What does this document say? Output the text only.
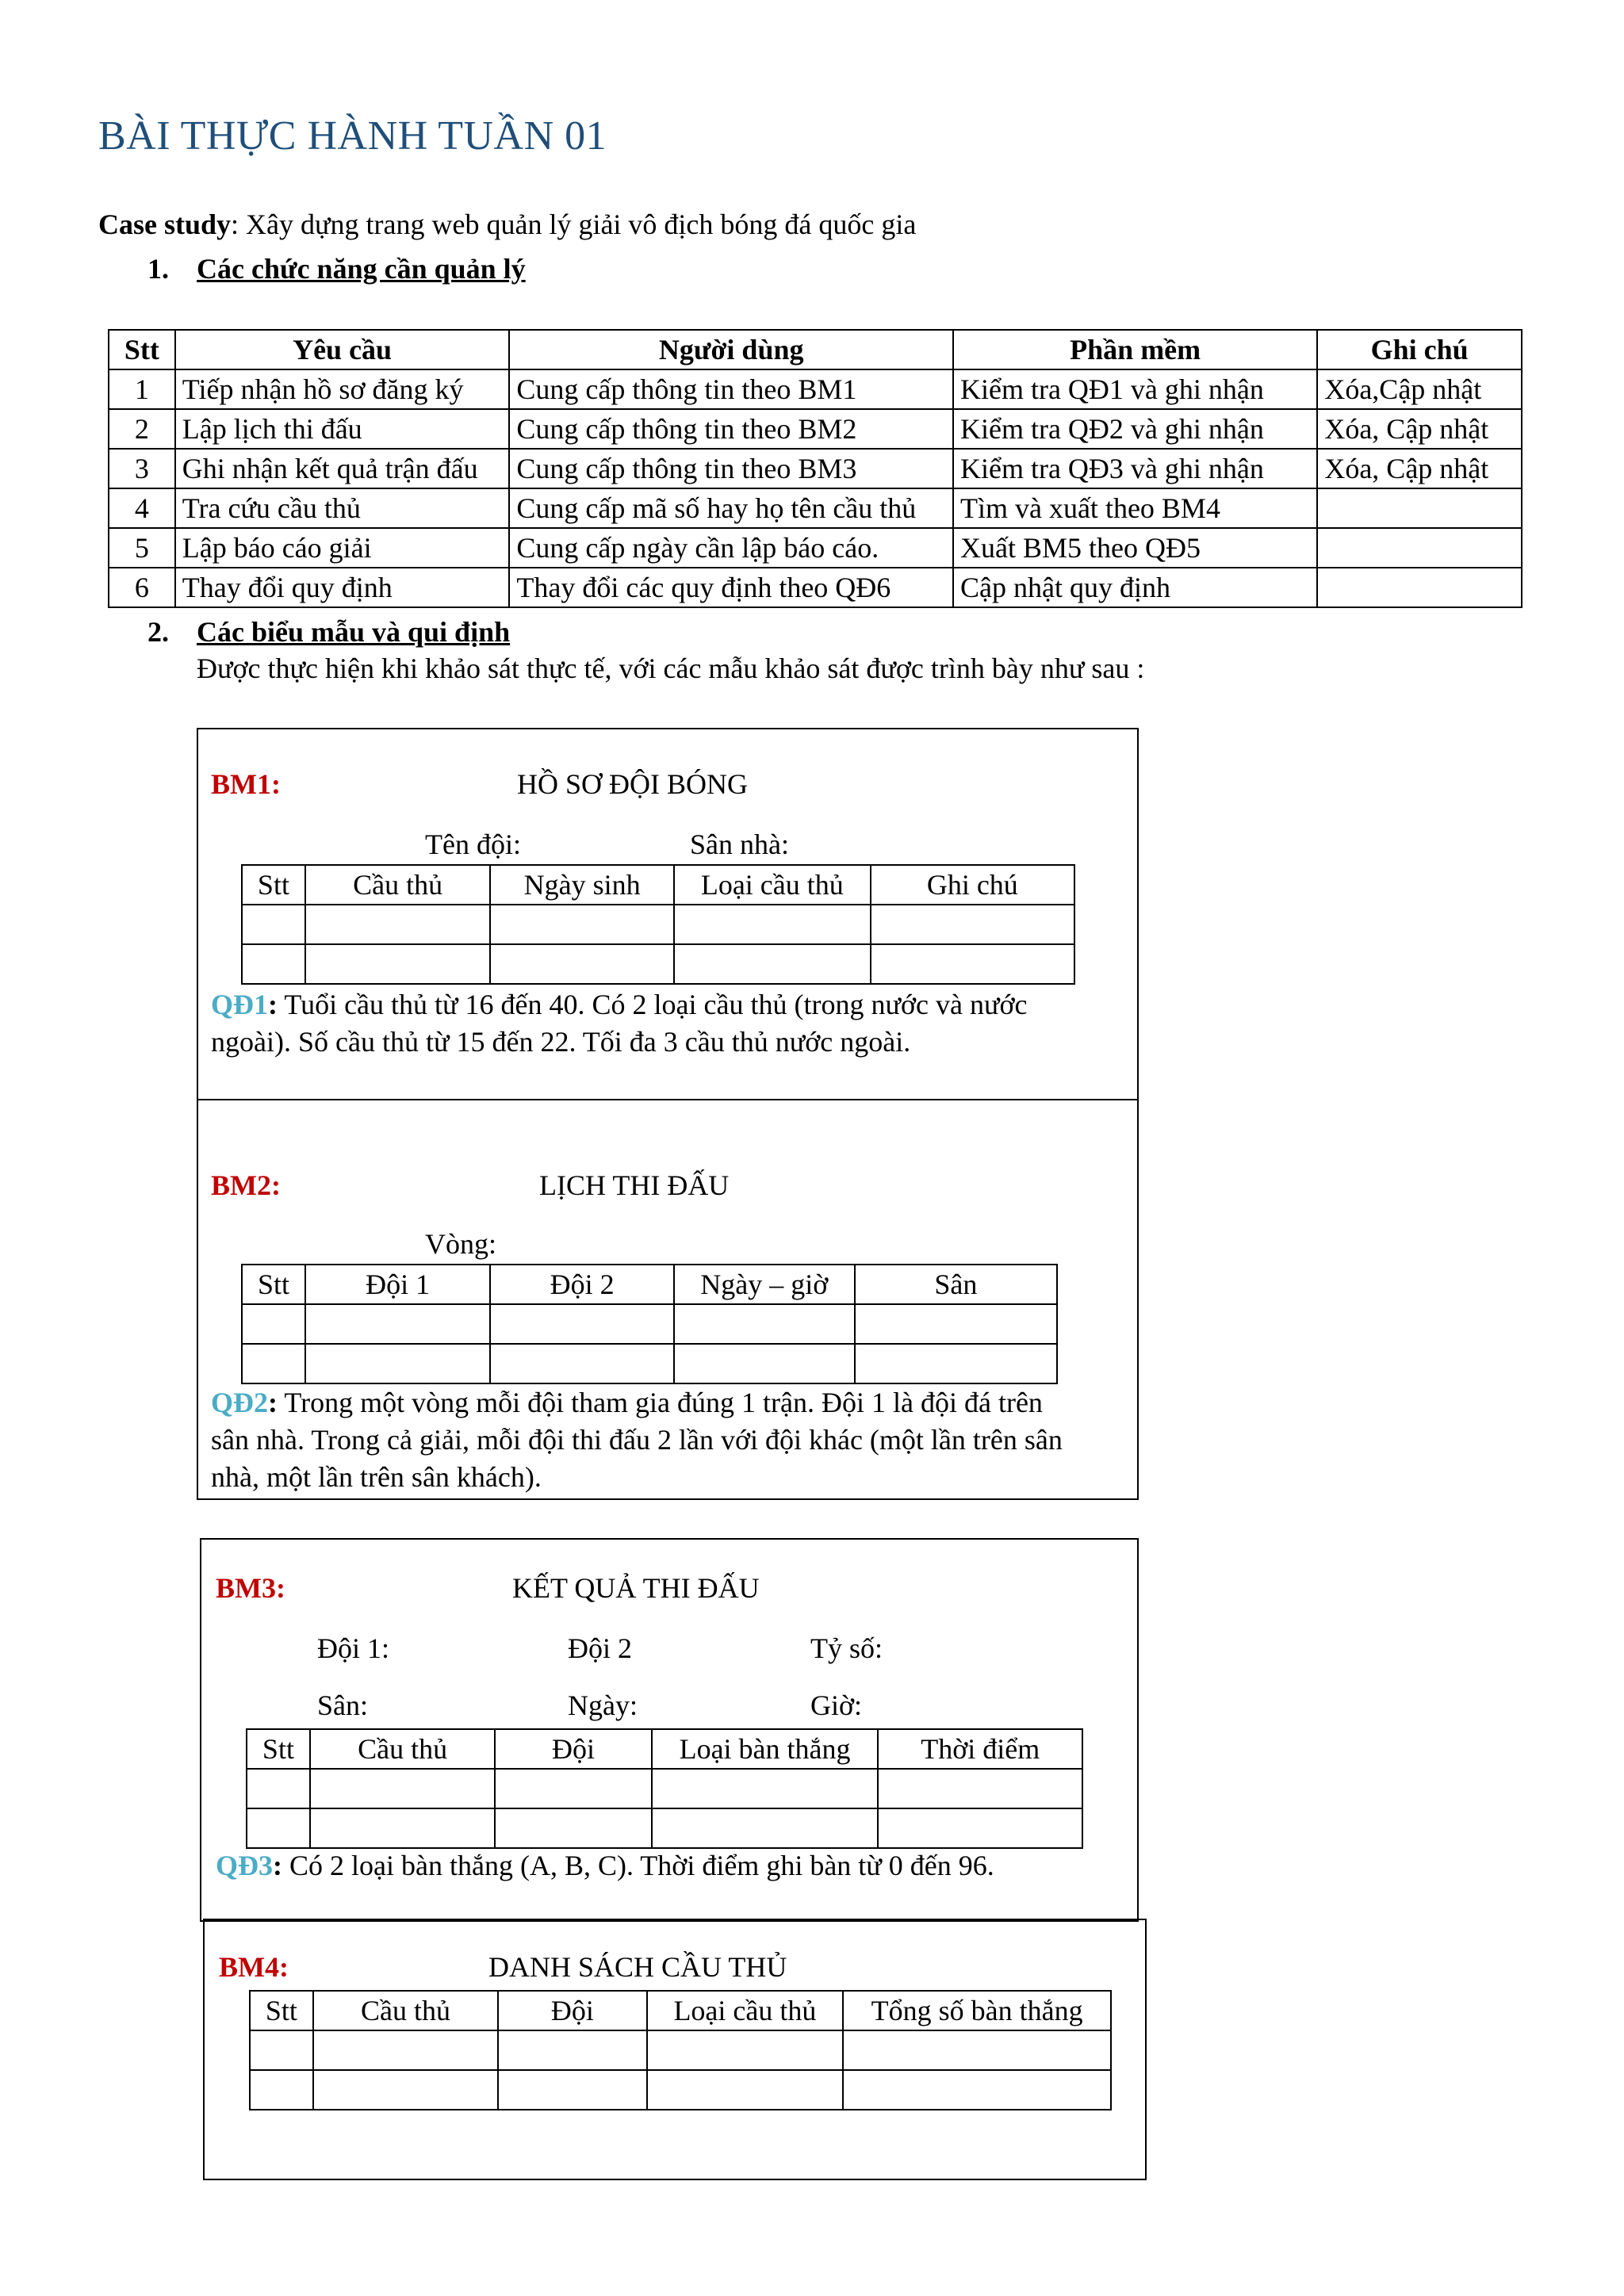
BÀI THỰC HÀNH TUẦN 01
Case study: Xây dựng trang web quản lý giải vô địch bóng đá quốc gia
1. Các chức năng cần quản lý
Stt	Yêu cầu	Người dùng	Phần mềm	Ghi chú
1	Tiếp nhận hồ sơ đăng ký	Cung cấp thông tin theo BM1	Kiểm tra QĐ1 và ghi nhận	Xóa,Cập nhật
2	Lập lịch thi đấu	Cung cấp thông tin theo BM2	Kiểm tra QĐ2 và ghi nhận	Xóa, Cập nhật
3	Ghi nhận kết quả trận đấu	Cung cấp thông tin theo BM3	Kiểm tra QĐ3 và ghi nhận	Xóa, Cập nhật
4	Tra cứu cầu thủ	Cung cấp mã số hay họ tên cầu thủ	Tìm và xuất theo BM4	
5	Lập báo cáo giải	Cung cấp ngày cần lập báo cáo.	Xuất BM5 theo QĐ5	
6	Thay đổi quy định	Thay đổi các quy định theo QĐ6	Cập nhật quy định	
2. Các biểu mẫu và qui định
Được thực hiện khi khảo sát thực tế, với các mẫu khảo sát được trình bày như sau :
BM1:	HỒ SƠ ĐỘI BÓNG
Tên đội:	Sân nhà:
Stt	Cầu thủ	Ngày sinh	Loại cầu thủ	Ghi chú

QĐ1: Tuổi cầu thủ từ 16 đến 40. Có 2 loại cầu thủ (trong nước và nước
ngoài). Số cầu thủ từ 15 đến 22. Tối đa 3 cầu thủ nước ngoài.
BM2:	LỊCH THI ĐẤU
Vòng:
Stt	Đội 1	Đội 2	Ngày – giờ	Sân

QĐ2: Trong một vòng mỗi đội tham gia đúng 1 trận. Đội 1 là đội đá trên
sân nhà. Trong cả giải, mỗi đội thi đấu 2 lần với đội khác (một lần trên sân
nhà, một lần trên sân khách).
BM3:	KẾT QUẢ THI ĐẤU
Đội 1:	Đội 2	Tỷ số:
Sân:	Ngày:	Giờ:
Stt	Cầu thủ	Đội	Loại bàn thắng	Thời điểm

QĐ3: Có 2 loại bàn thắng (A, B, C). Thời điểm ghi bàn từ 0 đến 96.
BM4:	DANH SÁCH CẦU THỦ
Stt	Cầu thủ	Đội	Loại cầu thủ	Tổng số bàn thắng
